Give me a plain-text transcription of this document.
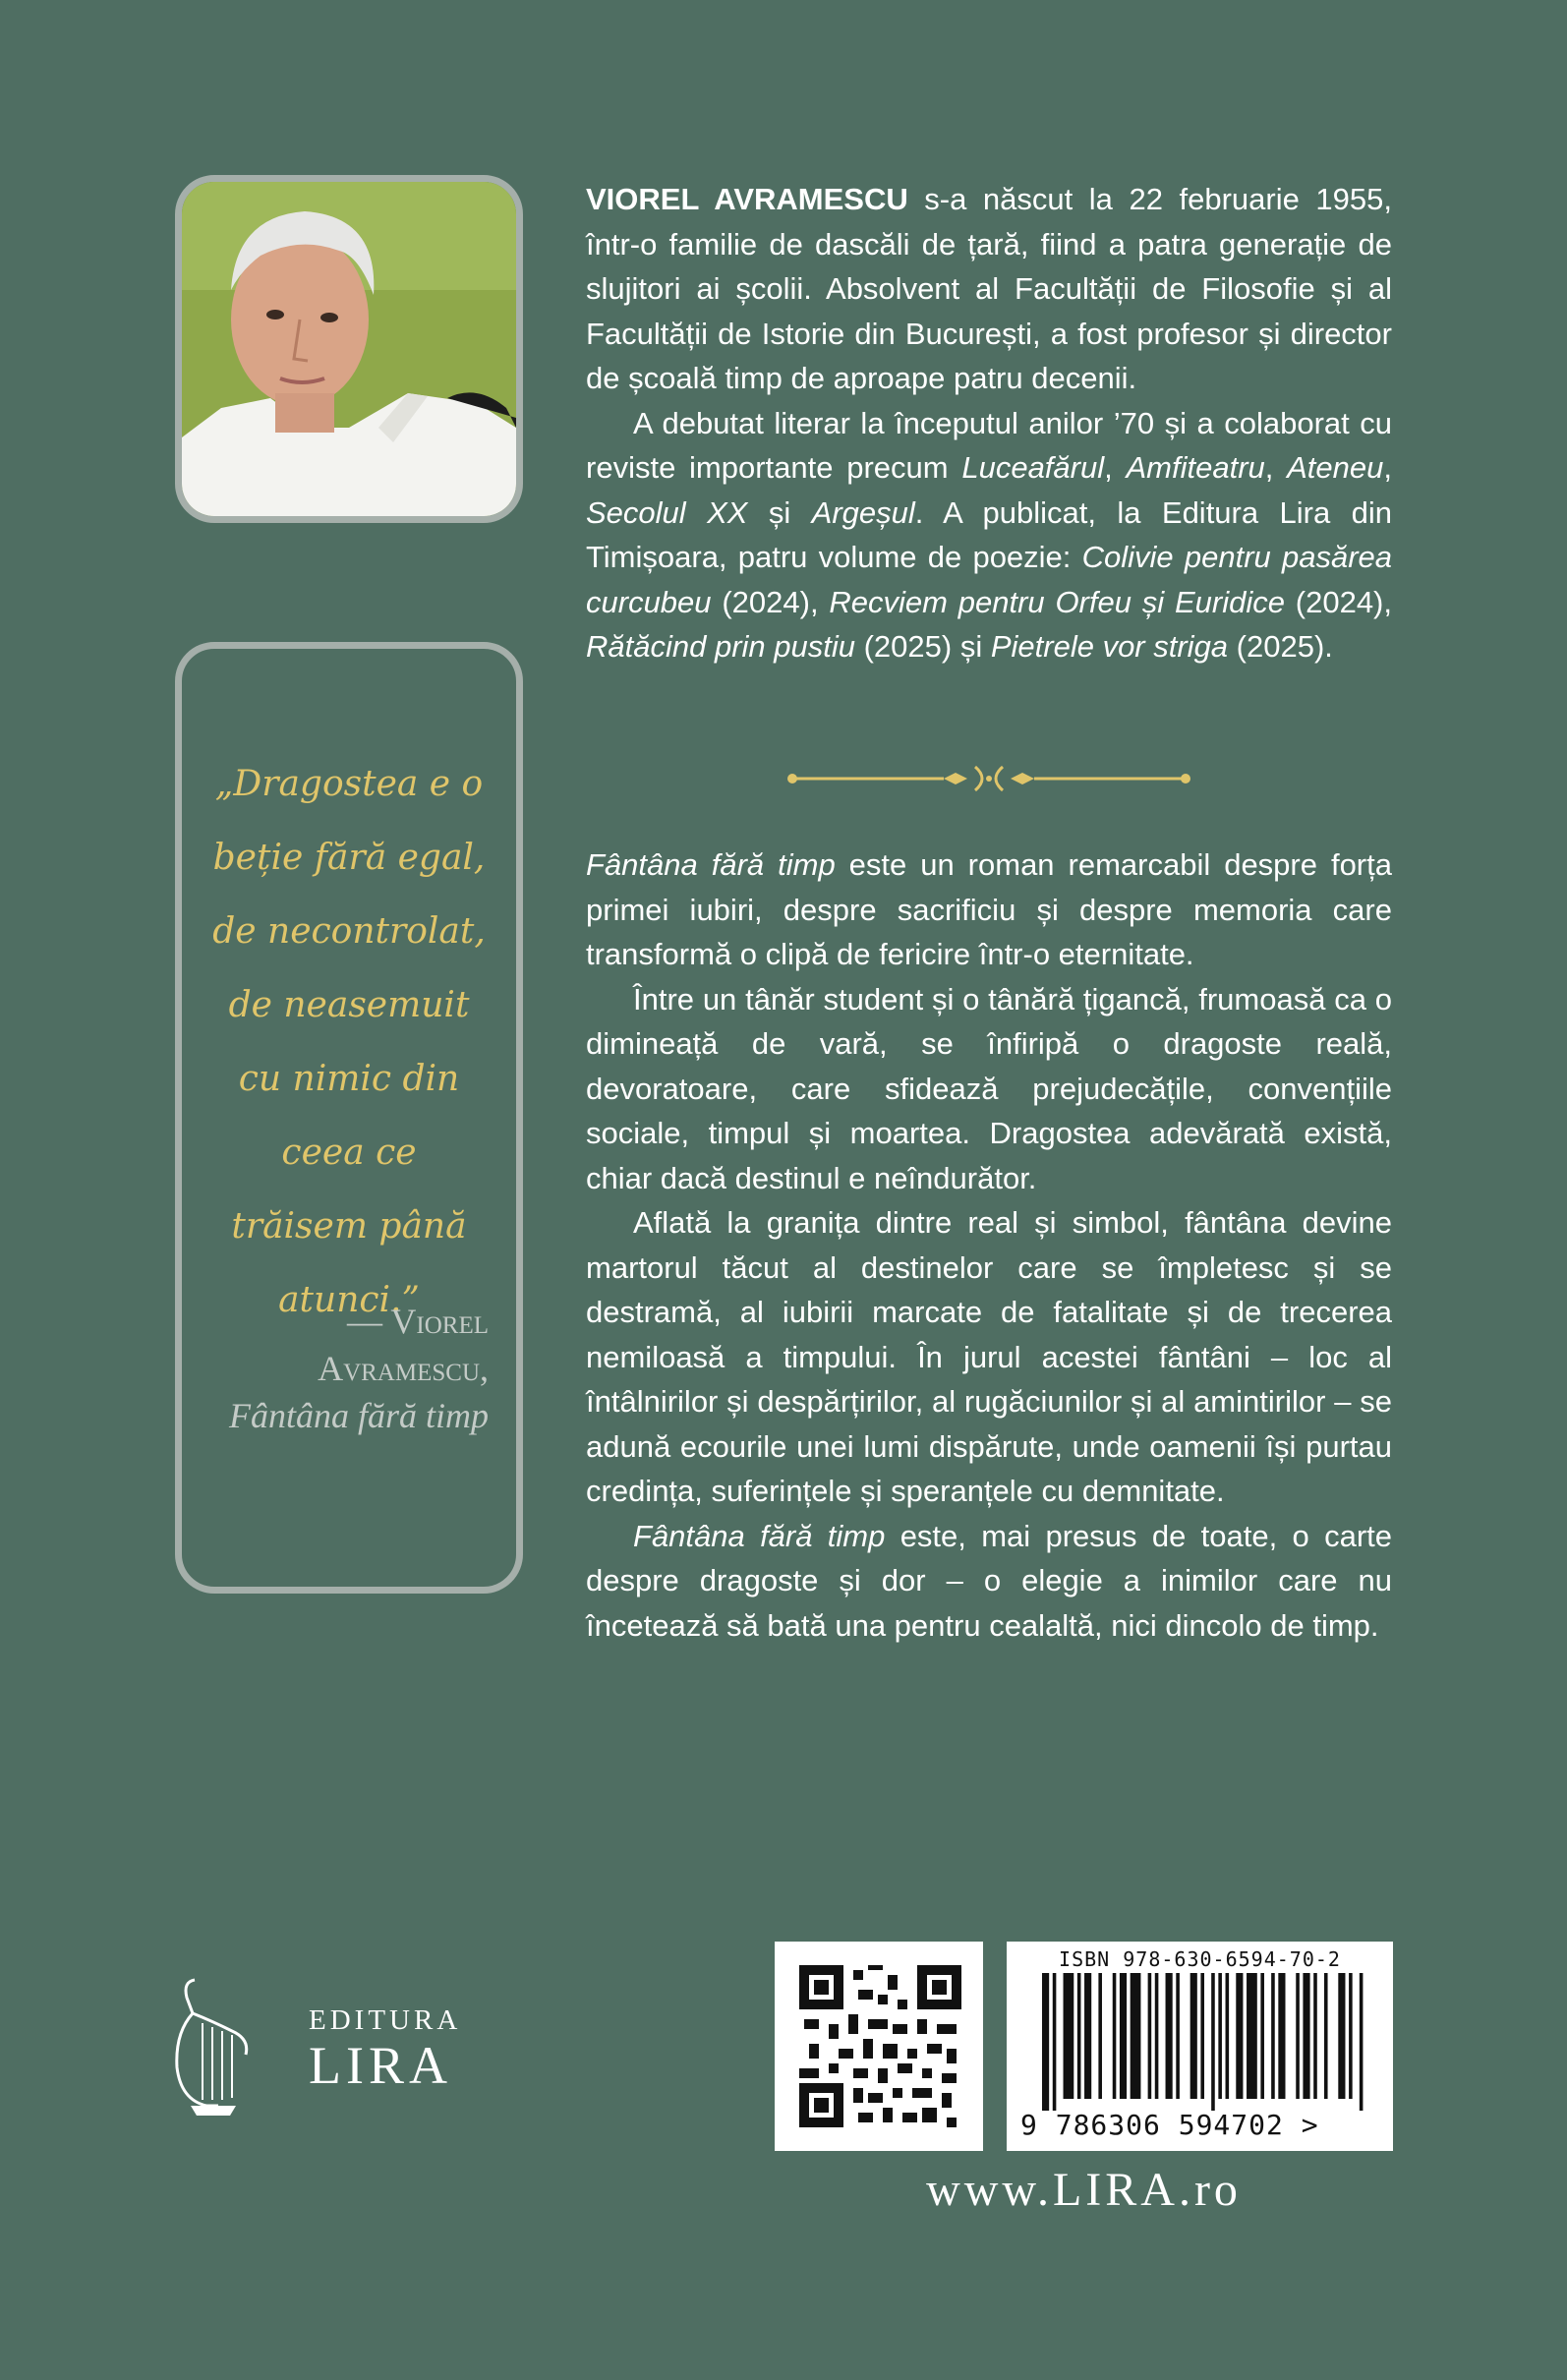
„Dragostea e o beție fără egal, de necontrolat, de neasemuit cu nimic din ceea ce trăisem până atunci.”

— Viorel Avramescu,
Fântâna fără timp

VIOREL AVRAMESCU s-a născut la 22 februarie 1955, într-o familie de dascăli de țară, fiind a patra generație de slujitori ai școlii. Absolvent al Facultății de Filosofie și al Facultății de Istorie din București, a fost profesor și director de școală timp de aproape patru decenii.

A debutat literar la începutul anilor ’70 și a colaborat cu reviste importante precum Luceafărul, Amfiteatru, Ateneu, Secolul XX și Argeșul. A publicat, la Editura Lira din Timișoara, patru volume de poezie: Colivie pentru pasărea curcubeu (2024), Recviem pentru Orfeu și Euridice (2024), Rătăcind prin pustiu (2025) și Pietrele vor striga (2025).

Fântâna fără timp este un roman remarcabil despre forța primei iubiri, despre sacrificiu și despre memoria care transformă o clipă de fericire într-o eternitate.

Între un tânăr student și o tânără țigancă, frumoasă ca o dimineață de vară, se înfiripă o dragoste reală, devoratoare, care sfidează prejudecățile, convențiile sociale, timpul și moartea. Dragostea adevărată există, chiar dacă destinul e neîndurător.

Aflată la granița dintre real și simbol, fântâna devine martorul tăcut al destinelor care se împletesc și se destramă, al iubirii marcate de fatalitate și de trecerea nemiloasă a timpului. În jurul acestei fântâni – loc al întâlnirilor și despărțirilor, al rugăciunilor și al amintirilor – se adună ecourile unei lumi dispărute, unde oamenii își purtau credința, suferințele și speranțele cu demnitate.

Fântâna fără timp este, mai presus de toate, o carte despre dragoste și dor – o elegie a inimilor care nu încetează să bată una pentru cealaltă, nici dincolo de timp.

EDITURA
LIRA
ISBN 978-630-6594-70-2
9 786306 594702 >
www.LIRA.ro
